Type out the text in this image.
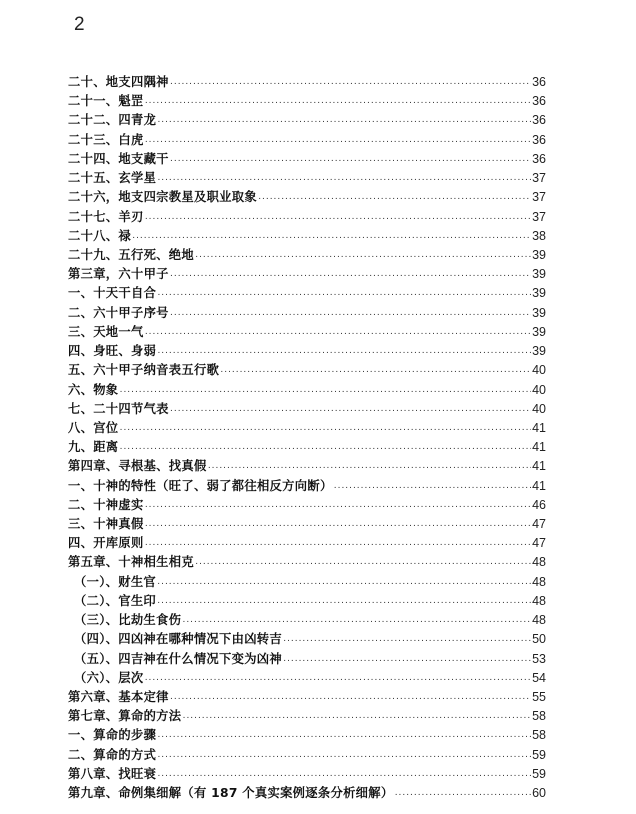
2
二十、地支四隅神 ·····	36
二十一、魁罡 ·····	36
二十二、四青龙 ·····	36
二十三、白虎 ·····	36
二十四、地支藏干 ·····	36
二十五、玄学星 ·····	37
二十六，地支四宗教星及职业取象 ·····	37
二十七、羊刃 ·····	37
二十八、禄 ·····	38
二十九、五行死、绝地 ·····	39
第三章，六十甲子 ·····	39
一、十天干自合 ·····	39
二、六十甲子序号 ·····	39
三、天地一气 ·····	39
四、身旺、身弱 ·····	39
五、六十甲子纳音表五行歌 ·····	40
六、物象 ·····	40
七、二十四节气表 ·····	40
八、宫位 ·····	41
九、距离 ·····	41
第四章、寻根基、找真假 ·····	41
一、十神的特性（旺了、弱了都往相反方向断） ·····	41
二、十神虚实 ·····	46
三、十神真假 ·····	47
四、开库原则 ·····	47
第五章、十神相生相克 ·····	48
（一）、财生官 ·····	48
（二）、官生印 ·····	48
（三）、比劫生食伤 ·····	48
（四）、四凶神在哪种情况下由凶转吉 ·····	50
（五）、四吉神在什么情况下变为凶神 ·····	53
（六）、层次 ·····	54
第六章、基本定律 ·····	55
第七章、算命的方法 ·····	58
一、算命的步骤 ·····	58
二、算命的方式 ·····	59
第八章、找旺衰 ·····	59
第九章、命例集细解（有 187 个真实案例逐条分析细解） ·····	60
